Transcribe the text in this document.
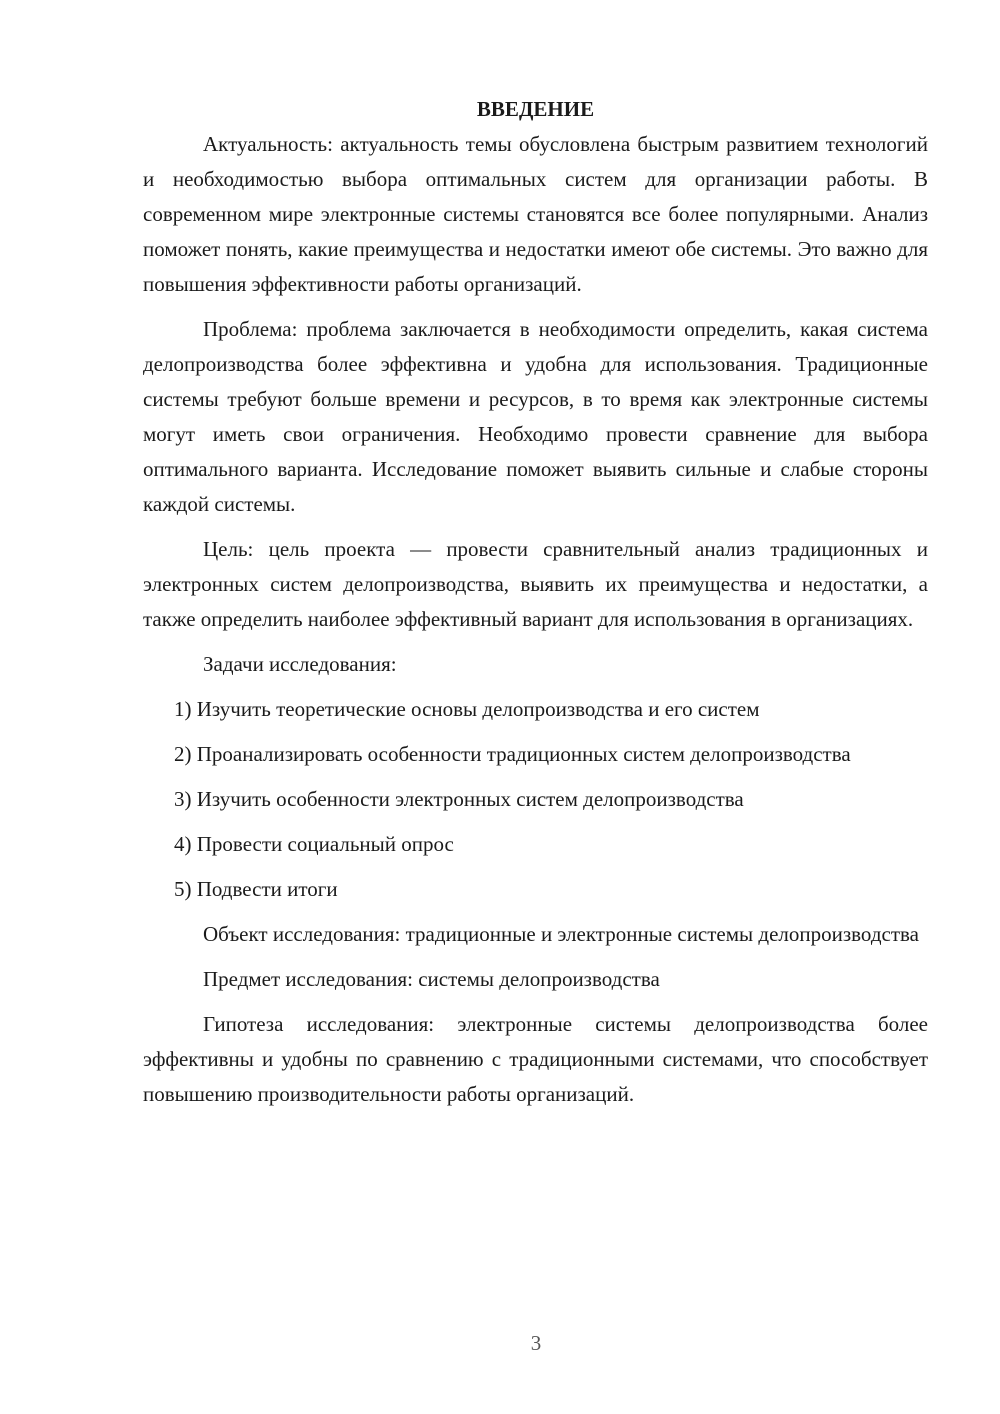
ВВЕДЕНИЕ

Актуальность: актуальность темы обусловлена быстрым развитием технологий и необходимостью выбора оптимальных систем для организации работы. В современном мире электронные системы становятся все более популярными. Анализ поможет понять, какие преимущества и недостатки имеют обе системы. Это важно для повышения эффективности работы организаций.

Проблема: проблема заключается в необходимости определить, какая система делопроизводства более эффективна и удобна для использования. Традиционные системы требуют больше времени и ресурсов, в то время как электронные системы могут иметь свои ограничения. Необходимо провести сравнение для выбора оптимального варианта. Исследование поможет выявить сильные и слабые стороны каждой системы.

Цель: цель проекта — провести сравнительный анализ традиционных и электронных систем делопроизводства, выявить их преимущества и недостатки, а также определить наиболее эффективный вариант для использования в организациях.

Задачи исследования:

1) Изучить теоретические основы делопроизводства и его систем

2) Проанализировать особенности традиционных систем делопроизводства

3) Изучить особенности электронных систем делопроизводства

4) Провести социальный опрос

5) Подвести итоги

Объект исследования: традиционные и электронные системы делопроизводства

Предмет исследования: системы делопроизводства

Гипотеза исследования: электронные системы делопроизводства более эффективны и удобны по сравнению с традиционными системами, что способствует повышению производительности работы организаций.

3
